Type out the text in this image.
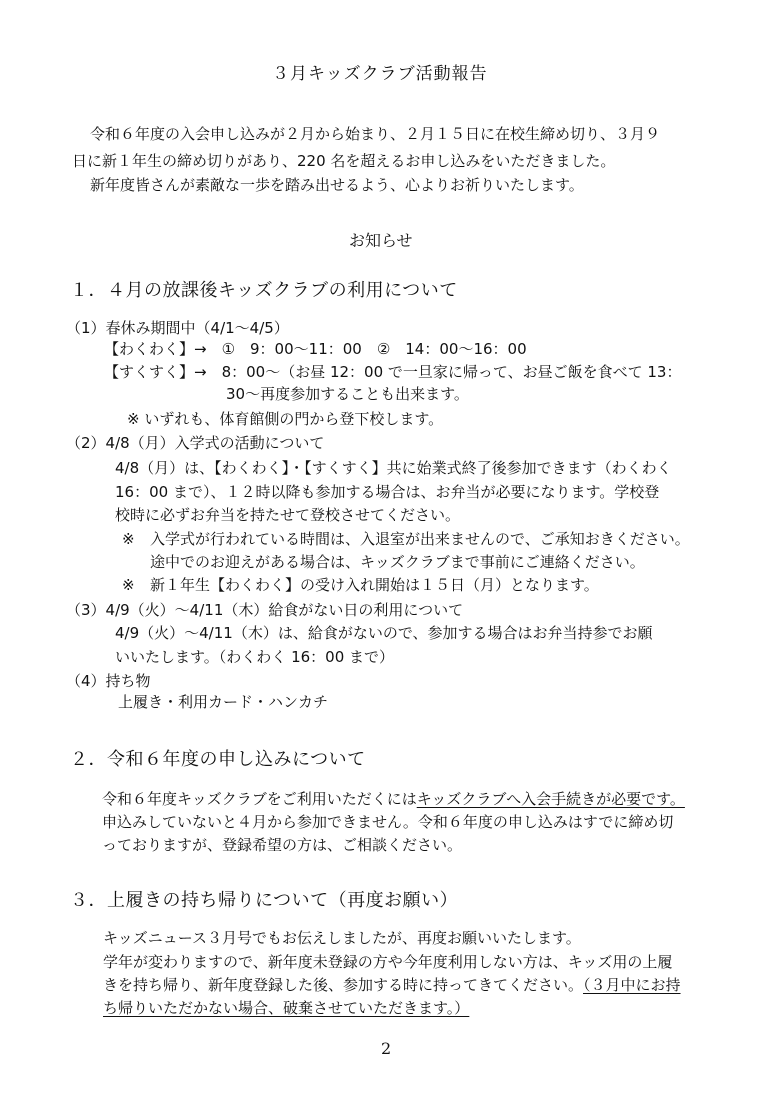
３月キッズクラブ活動報告
令和６年度の入会申し込みが２月から始まり、２月１５日に在校生締め切り、３月９
日に新１年生の締め切りがあり、220 名を超えるお申し込みをいただきました。
新年度皆さんが素敵な一歩を踏み出せるよう、心よりお祈りいたします。
お知らせ
１．４月の放課後キッズクラブの利用について
（1）春休み期間中（4/1～4/5）
【わくわく】→　①　9：00～11：00　②　14：00～16：00
【すくすく】→　8：00～（お昼 12：00 で一旦家に帰って、お昼ご飯を食べて 13：
30～再度参加することも出来ます。
※ いずれも、体育館側の門から登下校します。
（2）4/8（月）入学式の活動について
4/8（月）は、【わくわく】・【すくすく】共に始業式終了後参加できます（わくわく
16：00 まで）、１２時以降も参加する場合は、お弁当が必要になります。学校登
校時に必ずお弁当を持たせて登校させてください。
※ 入学式が行われている時間は、入退室が出来ませんので、ご承知おきください。
途中でのお迎えがある場合は、キッズクラブまで事前にご連絡ください。
※ 新１年生【わくわく】の受け入れ開始は１５日（月）となります。
（3）4/9（火）～4/11（木）給食がない日の利用について
4/9（火）～4/11（木）は、給食がないので、参加する場合はお弁当持参でお願
いいたします。（わくわく 16：00 まで）
（4）持ち物
上履き・利用カード・ハンカチ
２．令和６年度の申し込みについて
令和６年度キッズクラブをご利用いただくにはキッズクラブへ入会手続きが必要です。
申込みしていないと４月から参加できません。令和６年度の申し込みはすでに締め切
っておりますが、登録希望の方は、ご相談ください。
３．上履きの持ち帰りについて（再度お願い）
キッズニュース３月号でもお伝えしましたが、再度お願いいたします。
学年が変わりますので、新年度未登録の方や今年度利用しない方は、キッズ用の上履
きを持ち帰り、新年度登録した後、参加する時に持ってきてください。（３月中にお持
ち帰りいただかない場合、破棄させていただきます。）
2
